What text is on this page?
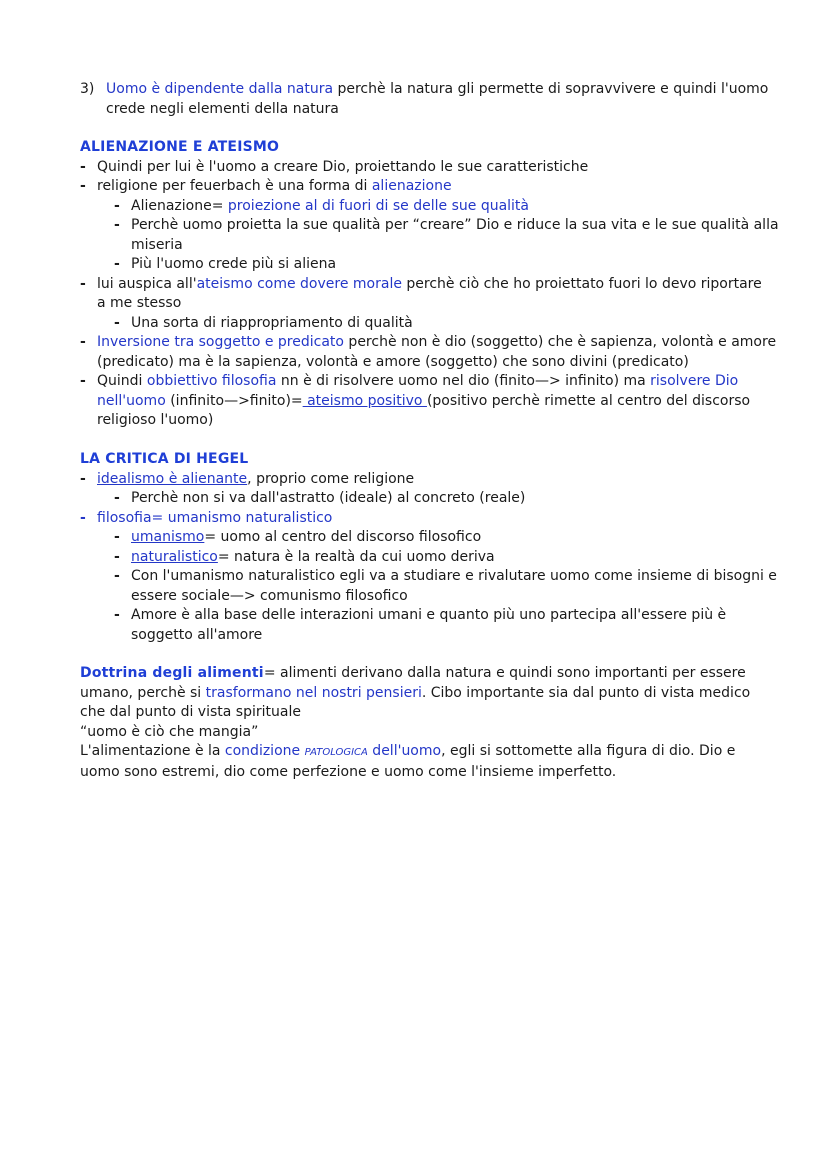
3) Uomo è dipendente dalla natura perchè la natura gli permette di sopravvivere e quindi l'uomo
crede negli elementi della natura
ALIENAZIONE E ATEISMO
- Quindi per lui è l'uomo a creare Dio, proiettando le sue caratteristiche
- religione per feuerbach è una forma di alienazione
- Alienazione= proiezione al di fuori di se delle sue qualità
- Perchè uomo proietta la sue qualità per “creare” Dio e riduce la sua vita e le sue qualità alla
miseria
- Più l'uomo crede più si aliena
- lui auspica all'ateismo come dovere morale perchè ciò che ho proiettato fuori lo devo riportare
a me stesso
- Una sorta di riappropriamento di qualità
- Inversione tra soggetto e predicato perchè non è dio (soggetto) che è sapienza, volontà e amore
(predicato) ma è la sapienza, volontà e amore (soggetto) che sono divini (predicato)
- Quindi obbiettivo filosofia nn è di risolvere uomo nel dio (finito—> infinito) ma risolvere Dio
nell'uomo (infinito—>finito)= ateismo positivo (positivo perchè rimette al centro del discorso
religioso l'uomo)
LA CRITICA DI HEGEL
- idealismo è alienante, proprio come religione
- Perchè non si va dall'astratto (ideale) al concreto (reale)
- filosofia= umanismo naturalistico
- umanismo= uomo al centro del discorso filosofico
- naturalistico= natura è la realtà da cui uomo deriva
- Con l'umanismo naturalistico egli va a studiare e rivalutare uomo come insieme di bisogni e
essere sociale—> comunismo filosofico
- Amore è alla base delle interazioni umani e quanto più uno partecipa all'essere più è
soggetto all'amore
Dottrina degli alimenti= alimenti derivano dalla natura e quindi sono importanti per essere
umano, perchè si trasformano nel nostri pensieri. Cibo importante sia dal punto di vista medico
che dal punto di vista spirituale
“uomo è ciò che mangia”
L'alimentazione è la condizione PATOLOGICA dell'uomo, egli si sottomette alla figura di dio. Dio e
uomo sono estremi, dio come perfezione e uomo come l'insieme imperfetto.
